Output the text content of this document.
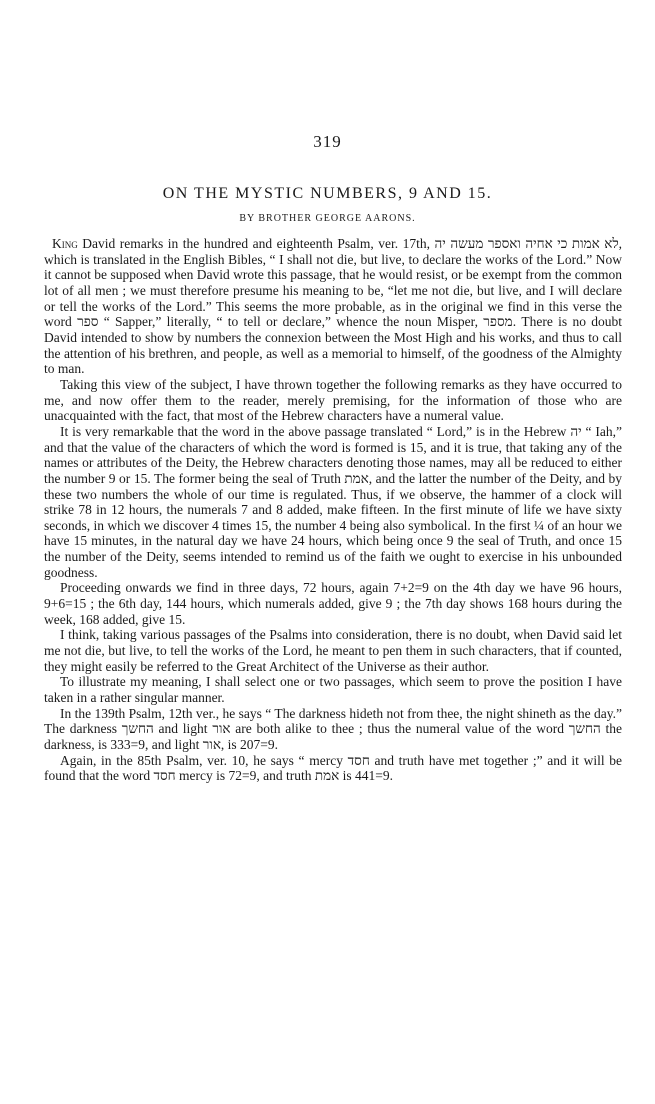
319
ON THE MYSTIC NUMBERS, 9 AND 15.
BY BROTHER GEORGE AARONS.

King David remarks in the hundred and eighteenth Psalm, ver. 17th, לא אמות כי אחיה ואספר מעשה יה, which is translated in the English Bibles, “ I shall not die, but live, to declare the works of the Lord.” Now it cannot be supposed when David wrote this passage, that he would resist, or be exempt from the common lot of all men ; we must therefore presume his meaning to be, “let me not die, but live, and I will declare or tell the works of the Lord.” This seems the more probable, as in the original we find in this verse the word ספר “ Sapper,” literally, “ to tell or declare,” whence the noun Misper, מספר. There is no doubt David intended to show by numbers the connexion between the Most High and his works, and thus to call the attention of his brethren, and people, as well as a memorial to himself, of the goodness of the Almighty to man.

Taking this view of the subject, I have thrown together the following remarks as they have occurred to me, and now offer them to the reader, merely premising, for the information of those who are unacquainted with the fact, that most of the Hebrew characters have a numeral value.

It is very remarkable that the word in the above passage translated “ Lord,” is in the Hebrew יה “ Iah,” and that the value of the characters of which the word is formed is 15, and it is true, that taking any of the names or attributes of the Deity, the Hebrew characters denoting those names, may all be reduced to either the number 9 or 15. The former being the seal of Truth אמת, and the latter the number of the Deity, and by these two numbers the whole of our time is regulated. Thus, if we observe, the hammer of a clock will strike 78 in 12 hours, the numerals 7 and 8 added, make fifteen. In the first minute of life we have sixty seconds, in which we discover 4 times 15, the number 4 being also symbolical. In the first ¼ of an hour we have 15 minutes, in the natural day we have 24 hours, which being once 9 the seal of Truth, and once 15 the number of the Deity, seems intended to remind us of the faith we ought to exercise in his unbounded goodness.

Proceeding onwards we find in three days, 72 hours, again 7+2=9 on the 4th day we have 96 hours, 9+6=15 ; the 6th day, 144 hours, which numerals added, give 9 ; the 7th day shows 168 hours during the week, 168 added, give 15.

I think, taking various passages of the Psalms into consideration, there is no doubt, when David said let me not die, but live, to tell the works of the Lord, he meant to pen them in such characters, that if counted, they might easily be referred to the Great Architect of the Universe as their author.

To illustrate my meaning, I shall select one or two passages, which seem to prove the position I have taken in a rather singular manner.

In the 139th Psalm, 12th ver., he says “ The darkness hideth not from thee, the night shineth as the day.” The darkness החשך and light אור are both alike to thee ; thus the numeral value of the word החשך the darkness, is 333=9, and light אור, is 207=9.

Again, in the 85th Psalm, ver. 10, he says “ mercy חסד and truth have met together ;” and it will be found that the word חסד mercy is 72=9, and truth אמת is 441=9.
